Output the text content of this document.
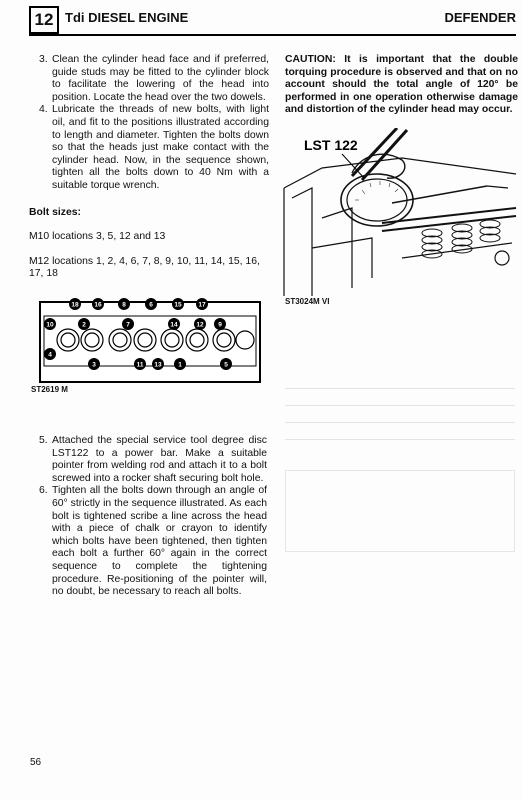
12 Tdi DIESEL ENGINE	DEFENDER
3. Clean the cylinder head face and if preferred, guide studs may be fitted to the cylinder block to facilitate the lowering of the head into position. Locate the head over the two dowels.
4. Lubricate the threads of new bolts, with light oil, and fit to the positions illustrated according to length and diameter. Tighten the bolts down so that the heads just make contact with the cylinder head. Now, in the sequence shown, tighten all the bolts down to 40 Nm with a suitable torque wrench.

Bolt sizes:

M10 locations 3, 5, 12 and 13

M12 locations 1, 2, 4, 6, 7, 8, 9, 10, 11, 14, 15, 16, 17, 18

CAUTION: It is important that the double torquing procedure is observed and that on no account should the total angle of 120° be performed in one operation otherwise damage and distortion of the cylinder head may occur.
LST 122
ST3024M VI
18 16	8	6	15	17
10	2	7	14	12 9
4
3	11 13	1	5
ST2619 M
5. Attached the special service tool degree disc LST122 to a power bar. Make a suitable pointer from welding rod and attach it to a bolt screwed into a rocker shaft securing bolt hole.
6. Tighten all the bolts down through an angle of 60° strictly in the sequence illustrated. As each bolt is tightened scribe a line across the head with a piece of chalk or crayon to identify which bolts have been tightened, then tighten each bolt a further 60° again in the correct sequence to complete the tightening procedure. Re-positioning of the pointer will, no doubt, be necessary to reach all bolts.
56
